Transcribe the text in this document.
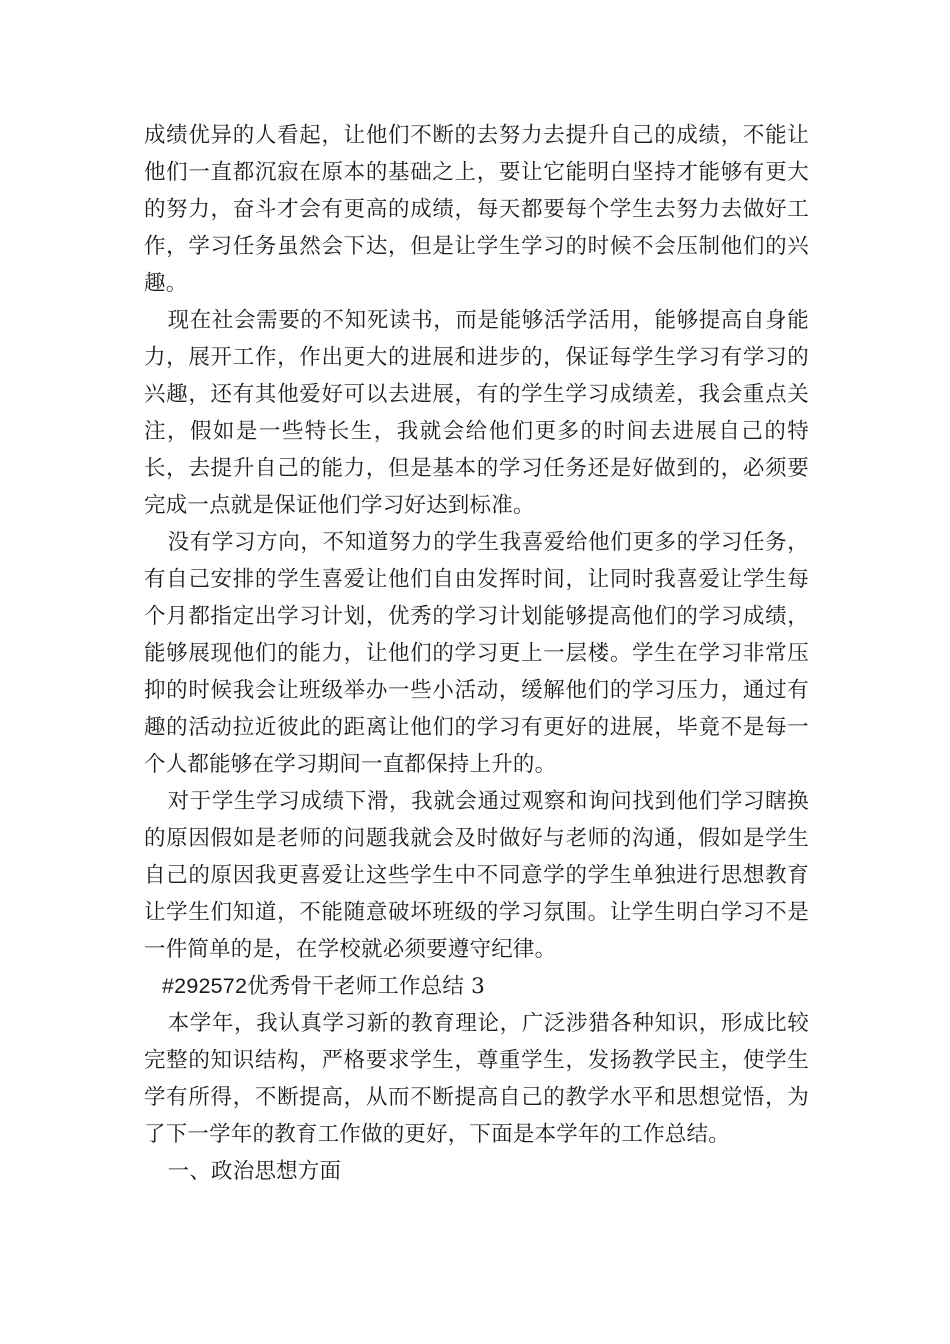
成绩优异的人看起，让他们不断的去努力去提升自己的成绩，不能让他们一直都沉寂在原本的基础之上，要让它能明白坚持才能够有更大的努力，奋斗才会有更高的成绩，每天都要每个学生去努力去做好工作，学习任务虽然会下达，但是让学生学习的时候不会压制他们的兴趣。

现在社会需要的不知死读书，而是能够活学活用，能够提高自身能力，展开工作，作出更大的进展和进步的，保证每学生学习有学习的兴趣，还有其他爱好可以去进展，有的学生学习成绩差，我会重点关注，假如是一些特长生，我就会给他们更多的时间去进展自己的特长，去提升自己的能力，但是基本的学习任务还是好做到的，必须要完成一点就是保证他们学习好达到标准。

没有学习方向，不知道努力的学生我喜爱给他们更多的学习任务，有自己安排的学生喜爱让他们自由发挥时间，让同时我喜爱让学生每个月都指定出学习计划，优秀的学习计划能够提高他们的学习成绩，能够展现他们的能力，让他们的学习更上一层楼。学生在学习非常压抑的时候我会让班级举办一些小活动，缓解他们的学习压力，通过有趣的活动拉近彼此的距离让他们的学习有更好的进展，毕竟不是每一个人都能够在学习期间一直都保持上升的。

对于学生学习成绩下滑，我就会通过观察和询问找到他们学习瞎换的原因假如是老师的问题我就会及时做好与老师的沟通，假如是学生自己的原因我更喜爱让这些学生中不同意学的学生单独进行思想教育让学生们知道，不能随意破坏班级的学习氛围。让学生明白学习不是一件简单的是，在学校就必须要遵守纪律。

#292572优秀骨干老师工作总结 3

本学年，我认真学习新的教育理论，广泛涉猎各种知识，形成比较完整的知识结构，严格要求学生，尊重学生，发扬教学民主，使学生学有所得，不断提高，从而不断提高自己的教学水平和思想觉悟，为了下一学年的教育工作做的更好，下面是本学年的工作总结。

一、政治思想方面
